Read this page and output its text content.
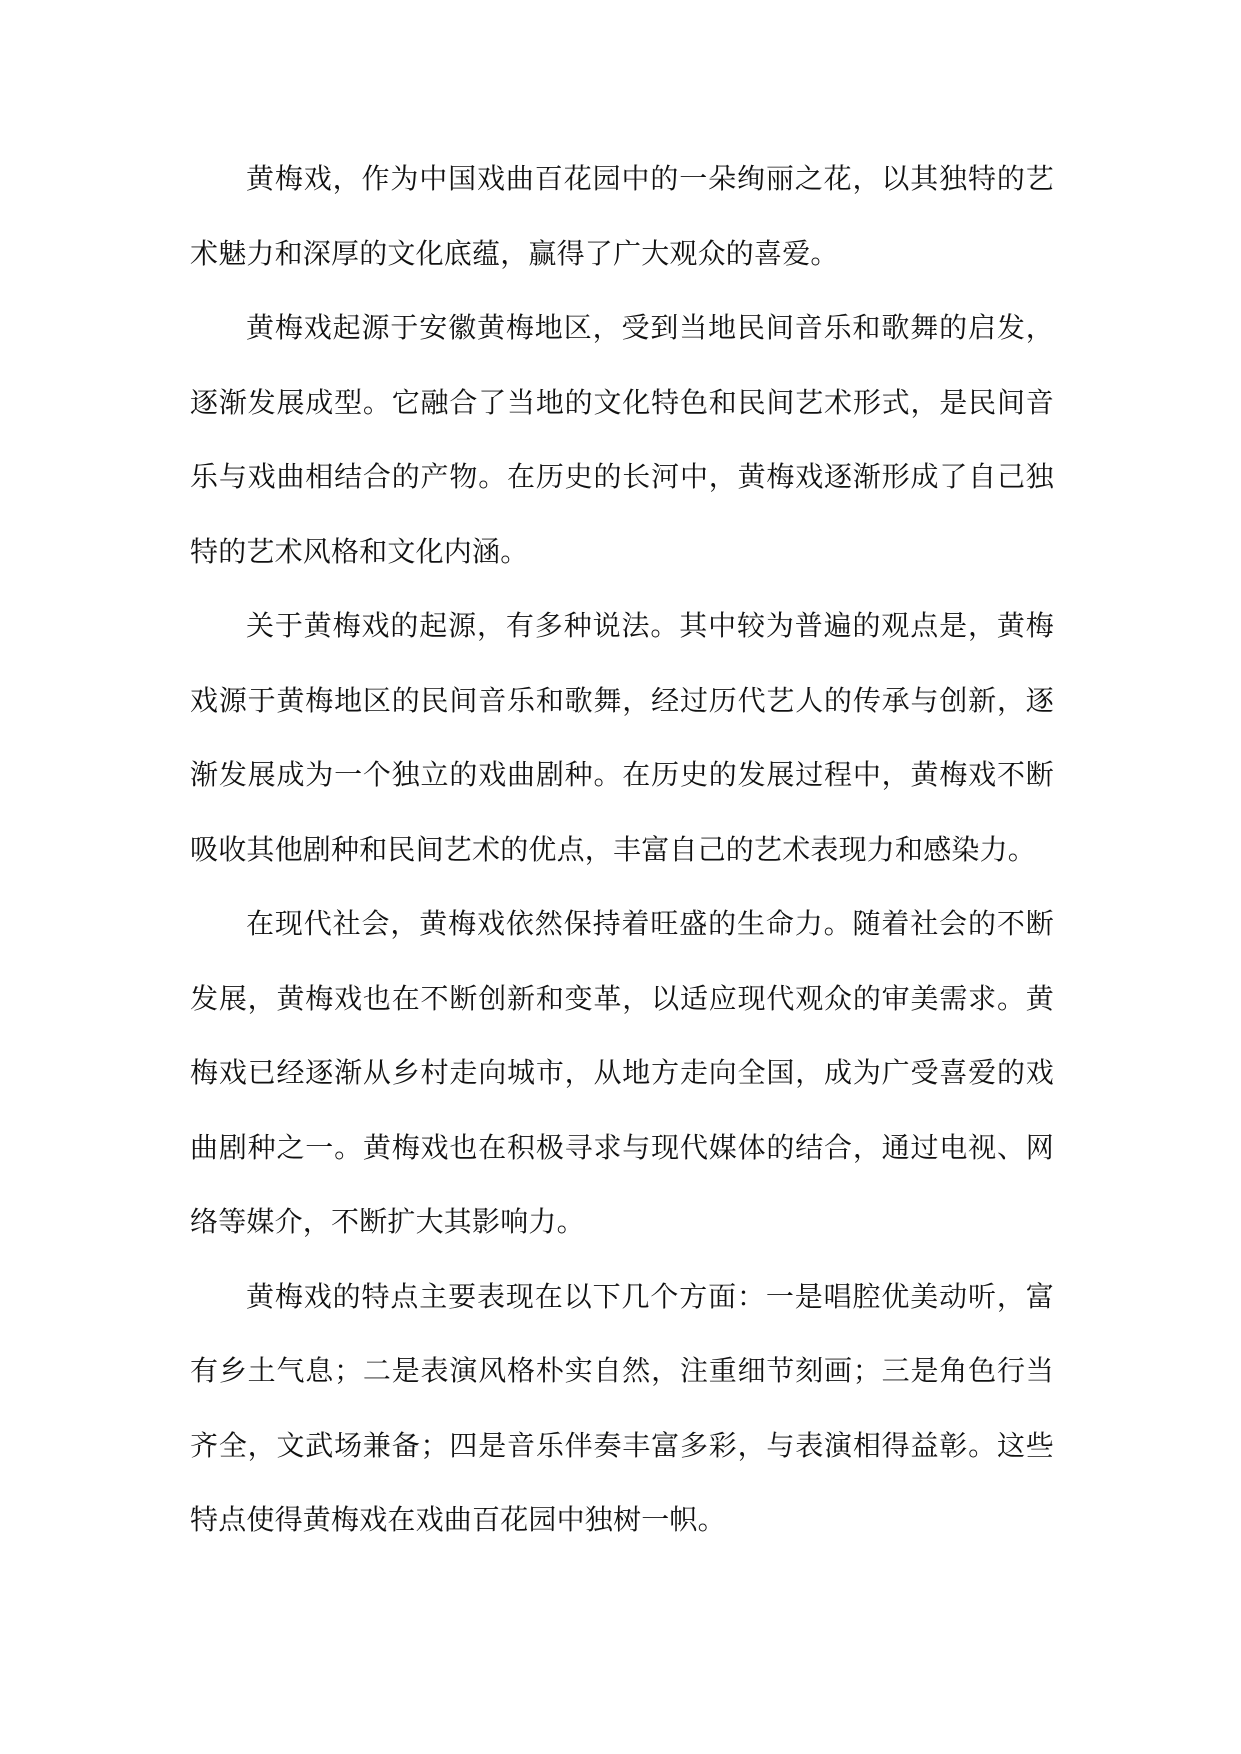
黄梅戏，作为中国戏曲百花园中的一朵绚丽之花，以其独特的艺术魅力和深厚的文化底蕴，赢得了广大观众的喜爱。

黄梅戏起源于安徽黄梅地区，受到当地民间音乐和歌舞的启发，逐渐发展成型。它融合了当地的文化特色和民间艺术形式，是民间音乐与戏曲相结合的产物。在历史的长河中，黄梅戏逐渐形成了自己独特的艺术风格和文化内涵。

关于黄梅戏的起源，有多种说法。其中较为普遍的观点是，黄梅戏源于黄梅地区的民间音乐和歌舞，经过历代艺人的传承与创新，逐渐发展成为一个独立的戏曲剧种。在历史的发展过程中，黄梅戏不断吸收其他剧种和民间艺术的优点，丰富自己的艺术表现力和感染力。

在现代社会，黄梅戏依然保持着旺盛的生命力。随着社会的不断发展，黄梅戏也在不断创新和变革，以适应现代观众的审美需求。黄梅戏已经逐渐从乡村走向城市，从地方走向全国，成为广受喜爱的戏曲剧种之一。黄梅戏也在积极寻求与现代媒体的结合，通过电视、网络等媒介，不断扩大其影响力。

黄梅戏的特点主要表现在以下几个方面：一是唱腔优美动听，富有乡土气息；二是表演风格朴实自然，注重细节刻画；三是角色行当齐全，文武场兼备；四是音乐伴奏丰富多彩，与表演相得益彰。这些特点使得黄梅戏在戏曲百花园中独树一帜。
